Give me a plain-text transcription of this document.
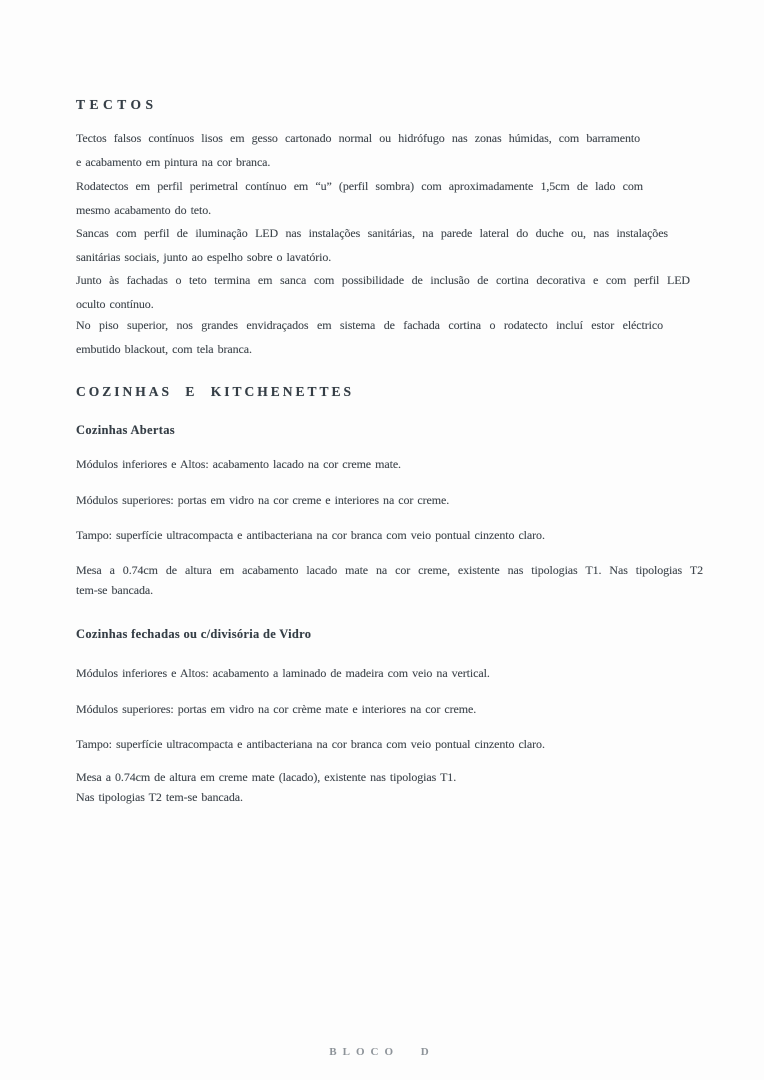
TECTOS
Tectos falsos contínuos lisos em gesso cartonado normal ou hidrófugo nas zonas húmidas, com barramento
e acabamento em pintura na cor branca.
Rodatectos em perfil perimetral contínuo em “u” (perfil sombra) com aproximadamente 1,5cm de lado com
mesmo acabamento do teto.
Sancas com perfil de iluminação LED nas instalações sanitárias, na parede lateral do duche ou, nas instalações
sanitárias sociais, junto ao espelho sobre o lavatório.
Junto às fachadas o teto termina em sanca com possibilidade de inclusão de cortina decorativa e com perfil LED
oculto contínuo.
No piso superior, nos grandes envidraçados em sistema de fachada cortina o rodatecto incluí estor eléctrico
embutido blackout, com tela branca.
COZINHAS E KITCHENETTES
Cozinhas Abertas
Módulos inferiores e Altos: acabamento lacado na cor creme mate.
Módulos superiores: portas em vidro na cor creme e interiores na cor creme.
Tampo: superfície ultracompacta e antibacteriana na cor branca com veio pontual cinzento claro.
Mesa a 0.74cm de altura em acabamento lacado mate na cor creme, existente nas tipologias T1. Nas tipologias T2
tem-se bancada.
Cozinhas fechadas ou c/divisória de Vidro
Módulos inferiores e Altos: acabamento a laminado de madeira com veio na vertical.
Módulos superiores: portas em vidro na cor crème mate e interiores na cor creme.
Tampo: superfície ultracompacta e antibacteriana na cor branca com veio pontual cinzento claro.
Mesa a 0.74cm de altura em creme mate (lacado), existente nas tipologias T1.
Nas tipologias T2 tem-se bancada.
BLOCO D
